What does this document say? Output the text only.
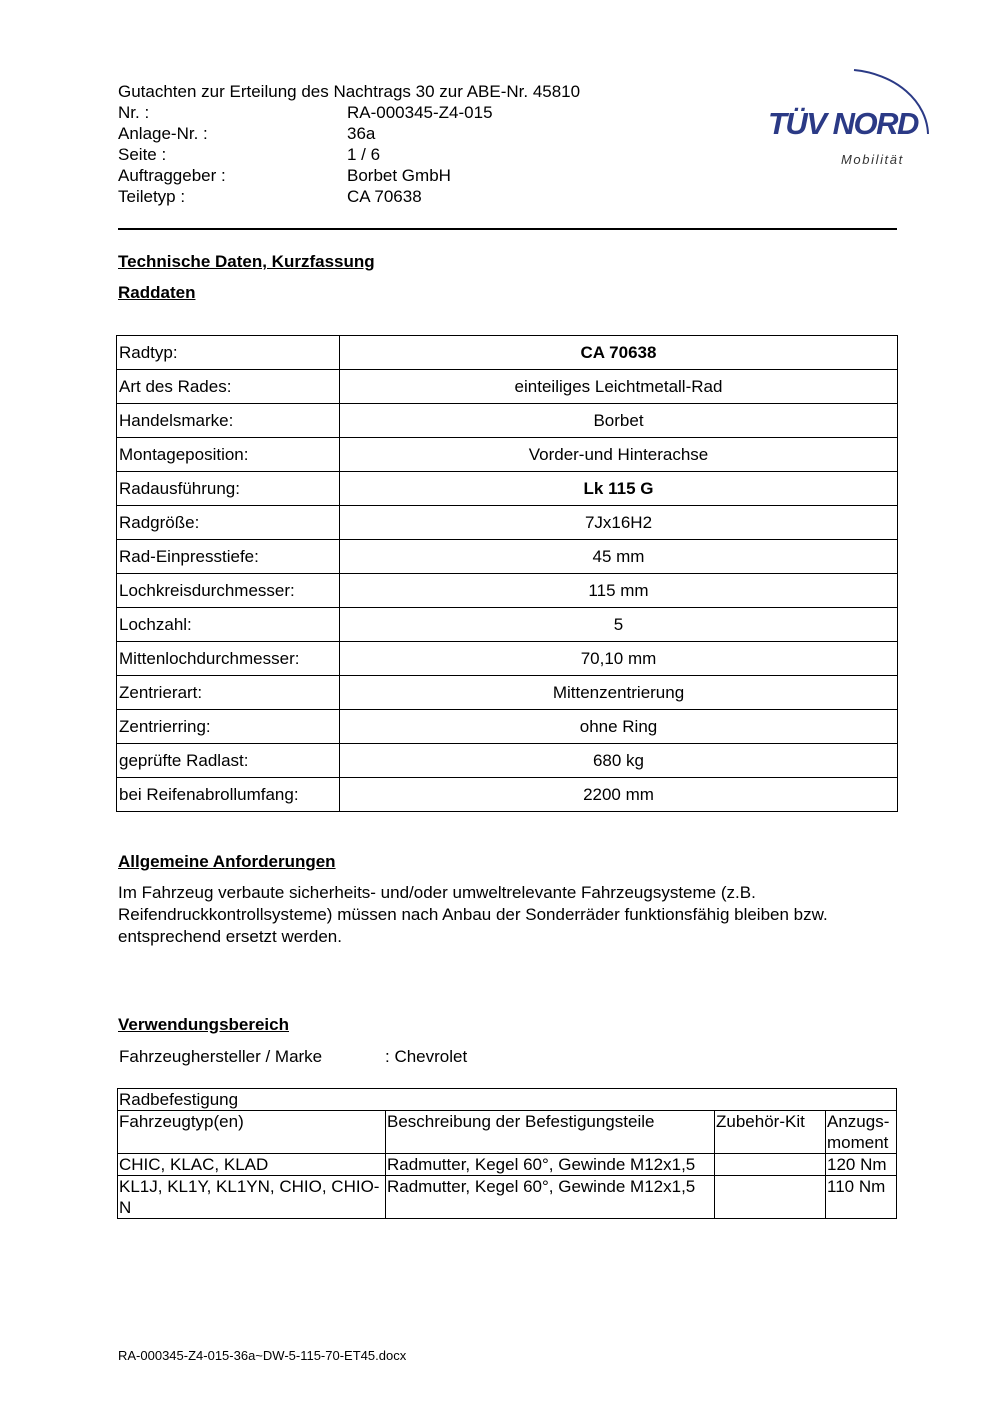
Gutachten zur Erteilung des Nachtrags 30 zur ABE-Nr. 45810
Nr. :	RA-000345-Z4-015
Anlage-Nr. :	36a
Seite :	1 / 6
Auftraggeber :	Borbet GmbH
Teiletyp :	CA 70638
TÜV NORD
Mobilität
Technische Daten, Kurzfassung
Raddaten
Radtyp:	CA 70638
Art des Rades:	einteiliges Leichtmetall-Rad
Handelsmarke:	Borbet
Montageposition:	Vorder-und Hinterachse
Radausführung:	Lk 115 G
Radgröße:	7Jx16H2
Rad-Einpresstiefe:	45 mm
Lochkreisdurchmesser:	115 mm
Lochzahl:	5
Mittenlochdurchmesser:	70,10 mm
Zentrierart:	Mittenzentrierung
Zentrierring:	ohne Ring
geprüfte Radlast:	680 kg
bei Reifenabrollumfang:	2200 mm
Allgemeine Anforderungen
Im Fahrzeug verbaute sicherheits- und/oder umweltrelevante Fahrzeugsysteme (z.B. Reifendruckkontrollsysteme) müssen nach Anbau der Sonderräder funktionsfähig bleiben bzw. entsprechend ersetzt werden.
Verwendungsbereich
Fahrzeughersteller / Marke	: Chevrolet
Radbefestigung			
Fahrzeugtyp(en)	Beschreibung der Befestigungsteile	Zubehör-Kit	Anzugs-moment
CHIC, KLAC, KLAD	Radmutter, Kegel 60°, Gewinde M12x1,5		120 Nm
KL1J, KL1Y, KL1YN, CHIO, CHIO-N	Radmutter, Kegel 60°, Gewinde M12x1,5		110 Nm
RA-000345-Z4-015-36a~DW-5-115-70-ET45.docx
